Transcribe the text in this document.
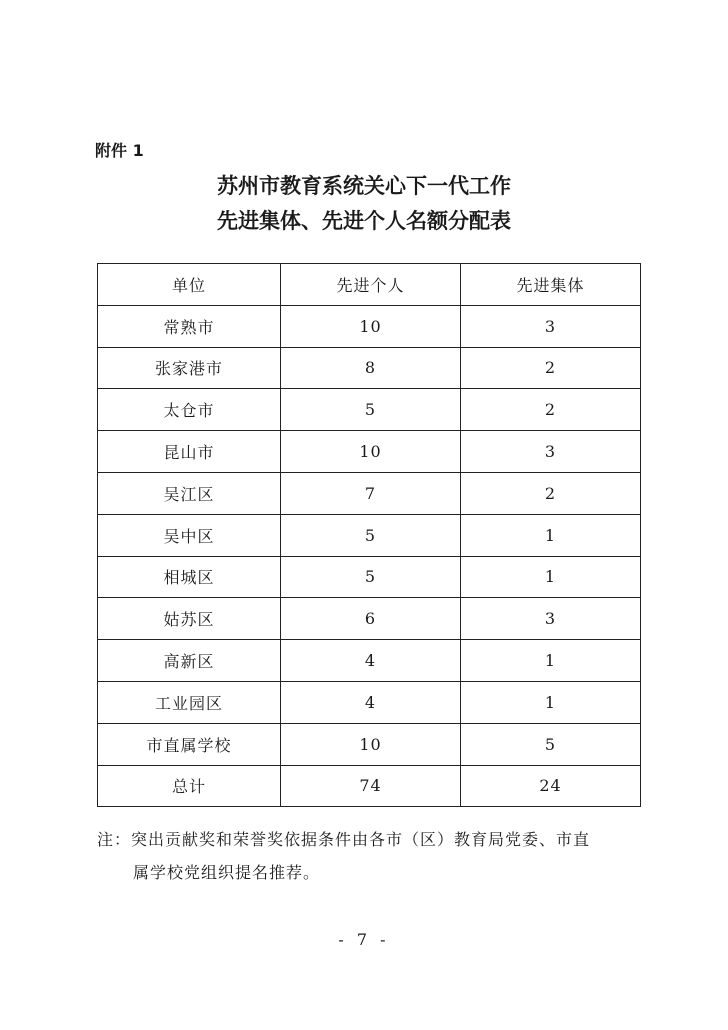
附件 1
苏州市教育系统关心下一代工作
先进集体、先进个人名额分配表
单位	先进个人	先进集体
常熟市	10	3
张家港市	8	2
太仓市	5	2
昆山市	10	3
吴江区	7	2
吴中区	5	1
相城区	5	1
姑苏区	6	3
高新区	4	1
工业园区	4	1
市直属学校	10	5
总计	74	24
注：突出贡献奖和荣誉奖依据条件由各市（区）教育局党委、市直
属学校党组织提名推荐。
- 7 -
